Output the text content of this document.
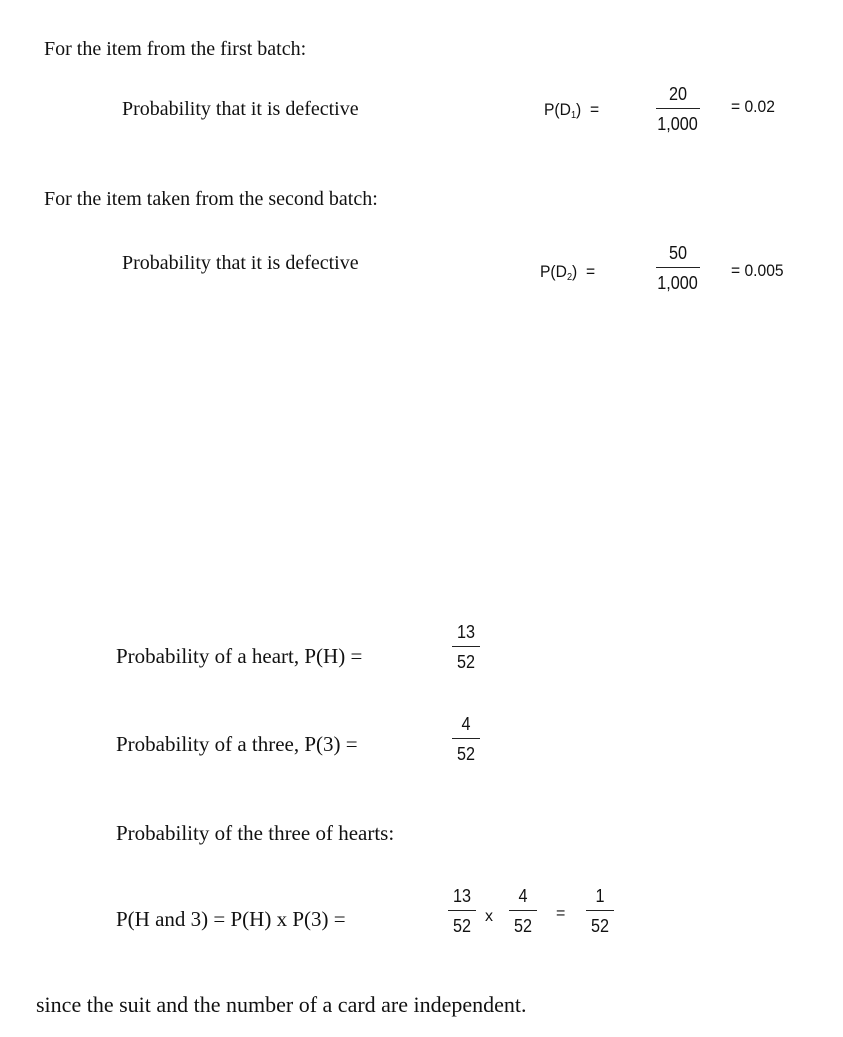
For the item from the first batch:
Probability that it is defective	P(D1) =
20
1,000
= 0.02
For the item taken from the second batch:
Probability that it is defective	P(D2) =
50
1,000
= 0.005
Probability of a heart, P(H) =
13
52
Probability of a three, P(3) =
4
52
Probability of the three of hearts:
P(H and 3) = P(H) x P(3) =
13
52 x
4
52
=
1
52
since the suit and the number of a card are independent.
